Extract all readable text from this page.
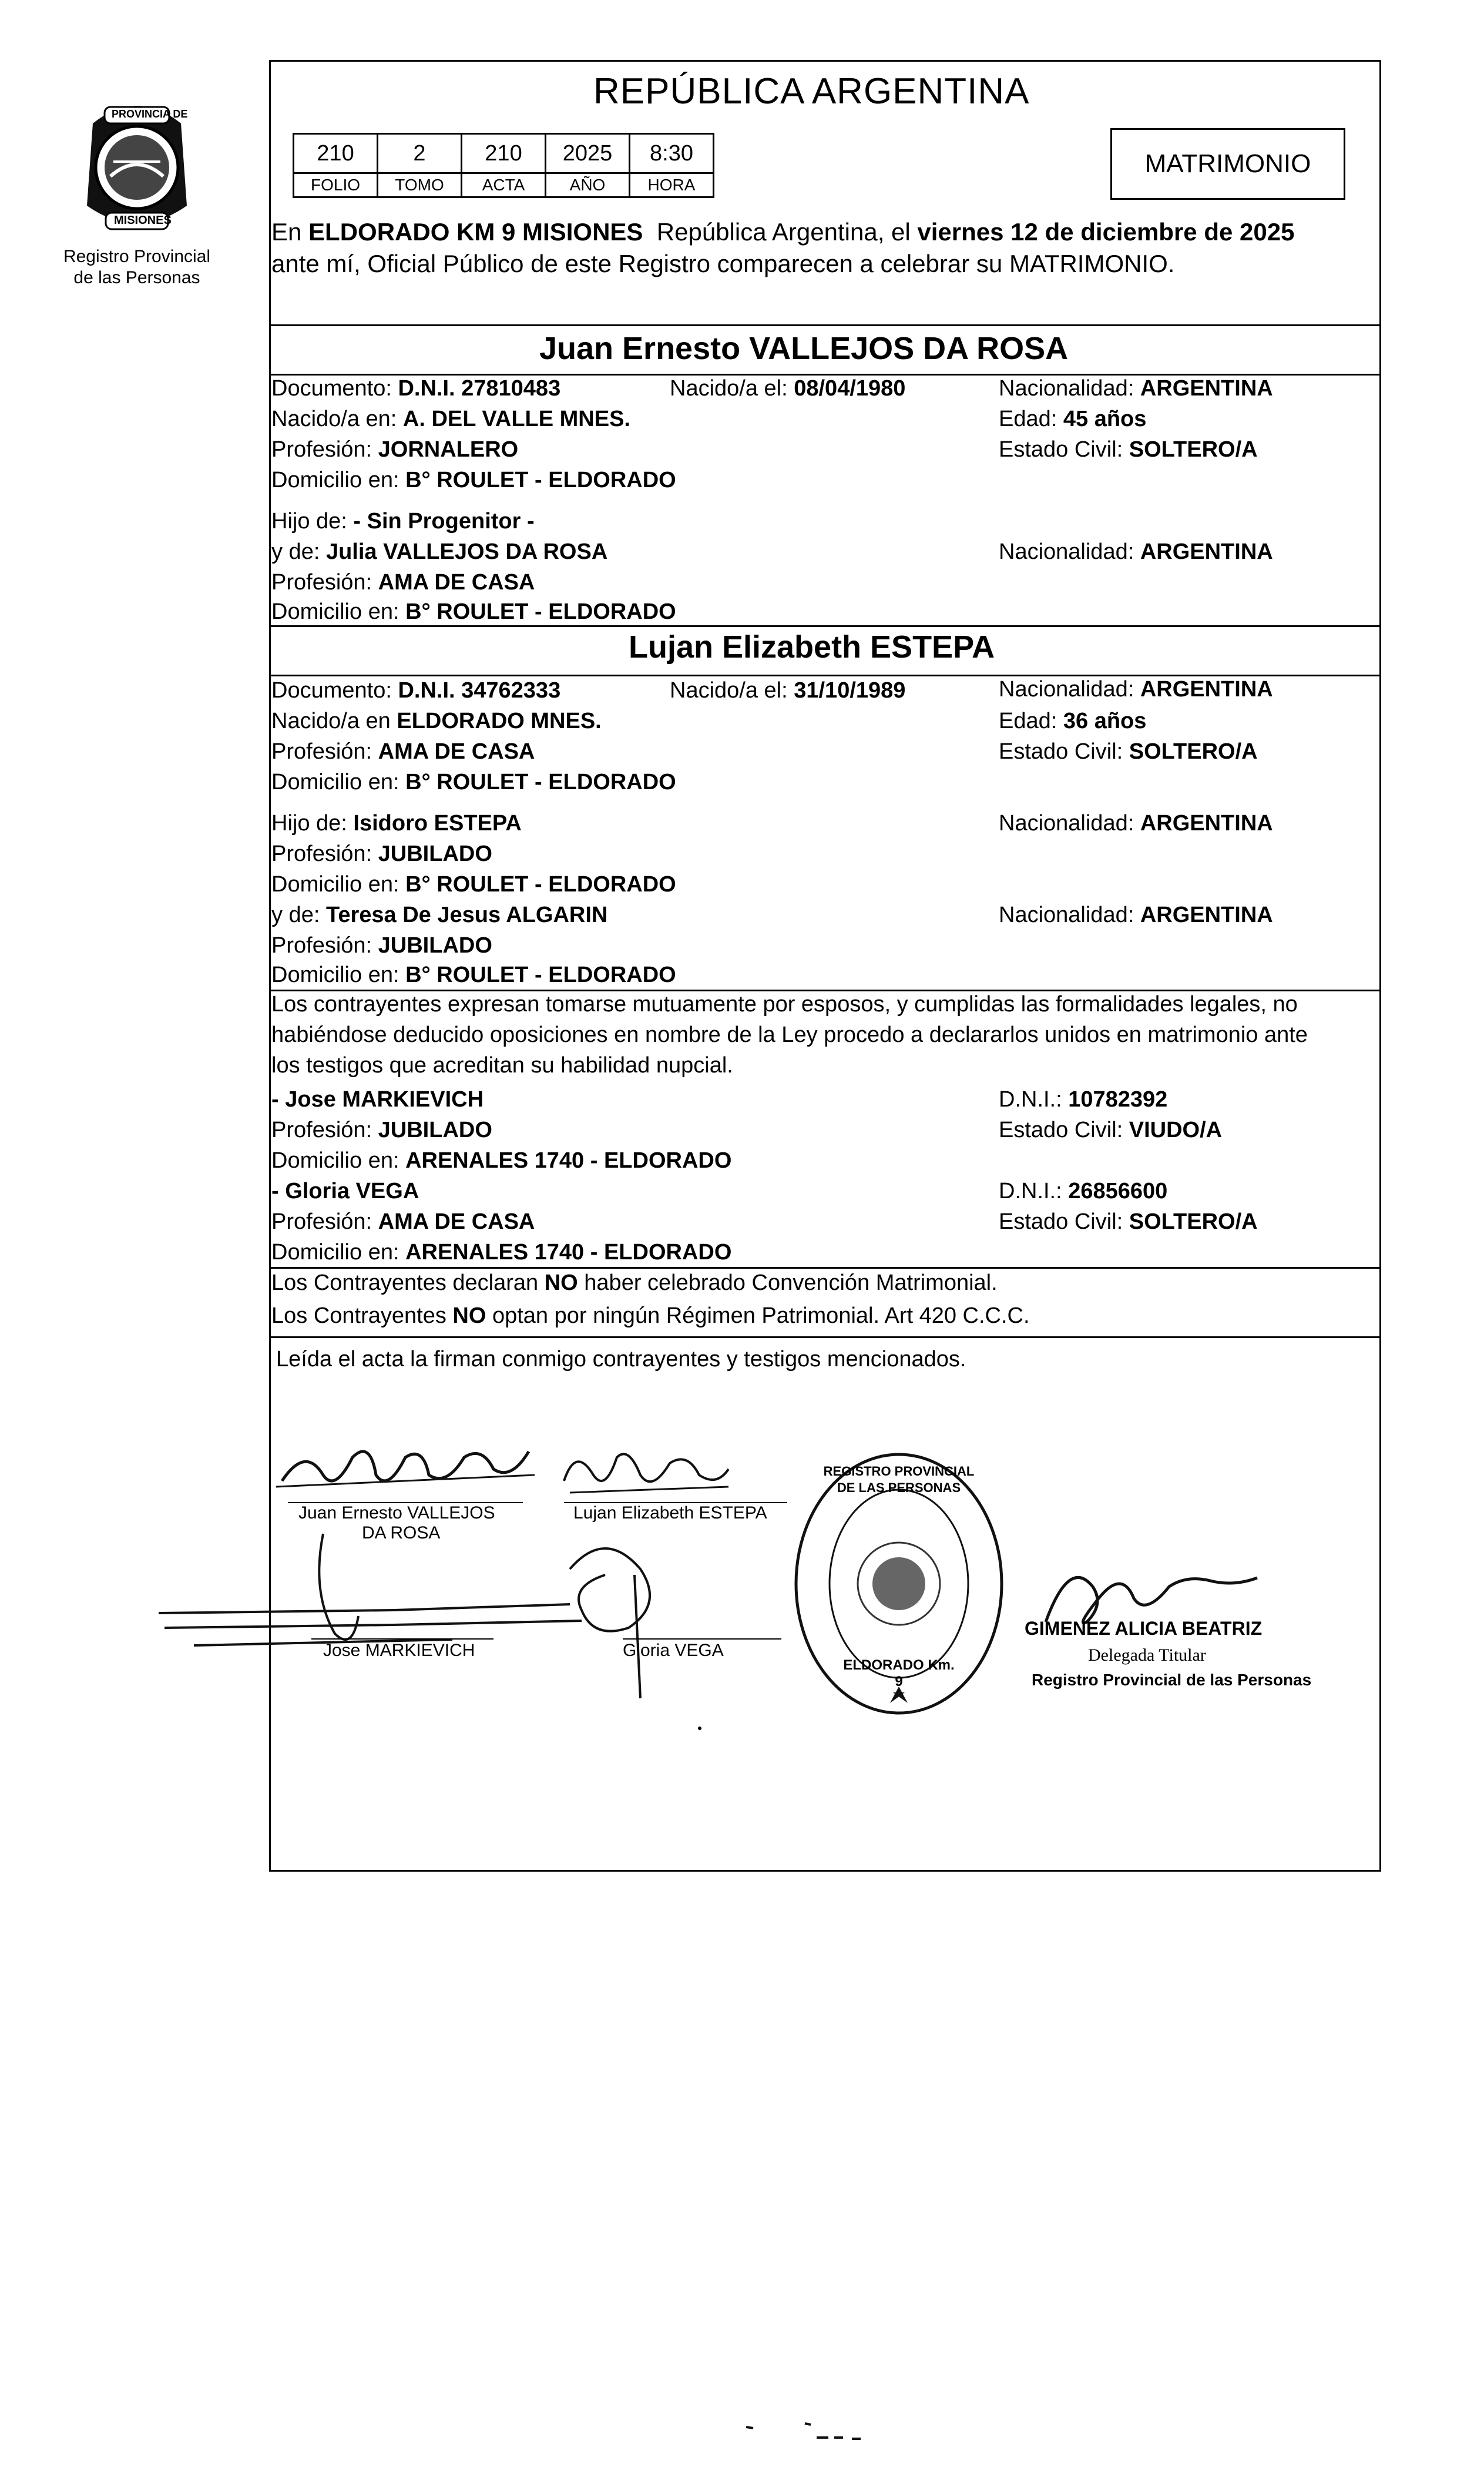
PROVINCIA DE
MISIONES
Registro Provincial
de las Personas
REPÚBLICA ARGENTINA
210	2	210	2025	8:30
FOLIO	TOMO	ACTA	AÑO	HORA
MATRIMONIO
En ELDORADO KM 9 MISIONES  República Argentina, el viernes 12 de diciembre de 2025
ante mí, Oficial Público de este Registro comparecen a celebrar su MATRIMONIO.
Juan Ernesto VALLEJOS DA ROSA
Documento: D.N.I. 27810483	Nacido/a el: 08/04/1980	Nacionalidad: ARGENTINA
Nacido/a en: A. DEL VALLE MNES.	Edad: 45 años
Profesión: JORNALERO	Estado Civil: SOLTERO/A
Domicilio en: B° ROULET - ELDORADO
Hijo de: - Sin Progenitor -
y de: Julia VALLEJOS DA ROSA	Nacionalidad: ARGENTINA
Profesión: AMA DE CASA
Domicilio en: B° ROULET - ELDORADO
Lujan Elizabeth ESTEPA
Documento: D.N.I. 34762333	Nacido/a el: 31/10/1989	Nacionalidad: ARGENTINA
Nacido/a en ELDORADO MNES.	Edad: 36 años
Profesión: AMA DE CASA	Estado Civil: SOLTERO/A
Domicilio en: B° ROULET - ELDORADO
Hijo de: Isidoro ESTEPA	Nacionalidad: ARGENTINA
Profesión: JUBILADO
Domicilio en: B° ROULET - ELDORADO
y de: Teresa De Jesus ALGARIN	Nacionalidad: ARGENTINA
Profesión: JUBILADO
Domicilio en: B° ROULET - ELDORADO
Los contrayentes expresan tomarse mutuamente por esposos, y cumplidas las formalidades legales, no
habiéndose deducido oposiciones en nombre de la Ley procedo a declararlos unidos en matrimonio ante
los testigos que acreditan su habilidad nupcial.
- Jose MARKIEVICH	D.N.I.: 10782392
Profesión: JUBILADO	Estado Civil: VIUDO/A
Domicilio en: ARENALES 1740 - ELDORADO
- Gloria VEGA	D.N.I.: 26856600
Profesión: AMA DE CASA	Estado Civil: SOLTERO/A
Domicilio en: ARENALES 1740 - ELDORADO
Los Contrayentes declaran NO haber celebrado Convención Matrimonial.
Los Contrayentes NO optan por ningún Régimen Patrimonial. Art 420 C.C.C.
Leída el acta la firman conmigo contrayentes y testigos mencionados.
Juan Ernesto VALLEJOS
DA ROSA
Lujan Elizabeth ESTEPA
Jose MARKIEVICH	Gloria VEGA
REGISTRO PROVINCIAL DE LAS PERSONAS
ELDORADO Km. 9
GIMENEZ ALICIA BEATRIZ
Delegada Titular
Registro Provincial de las Personas
